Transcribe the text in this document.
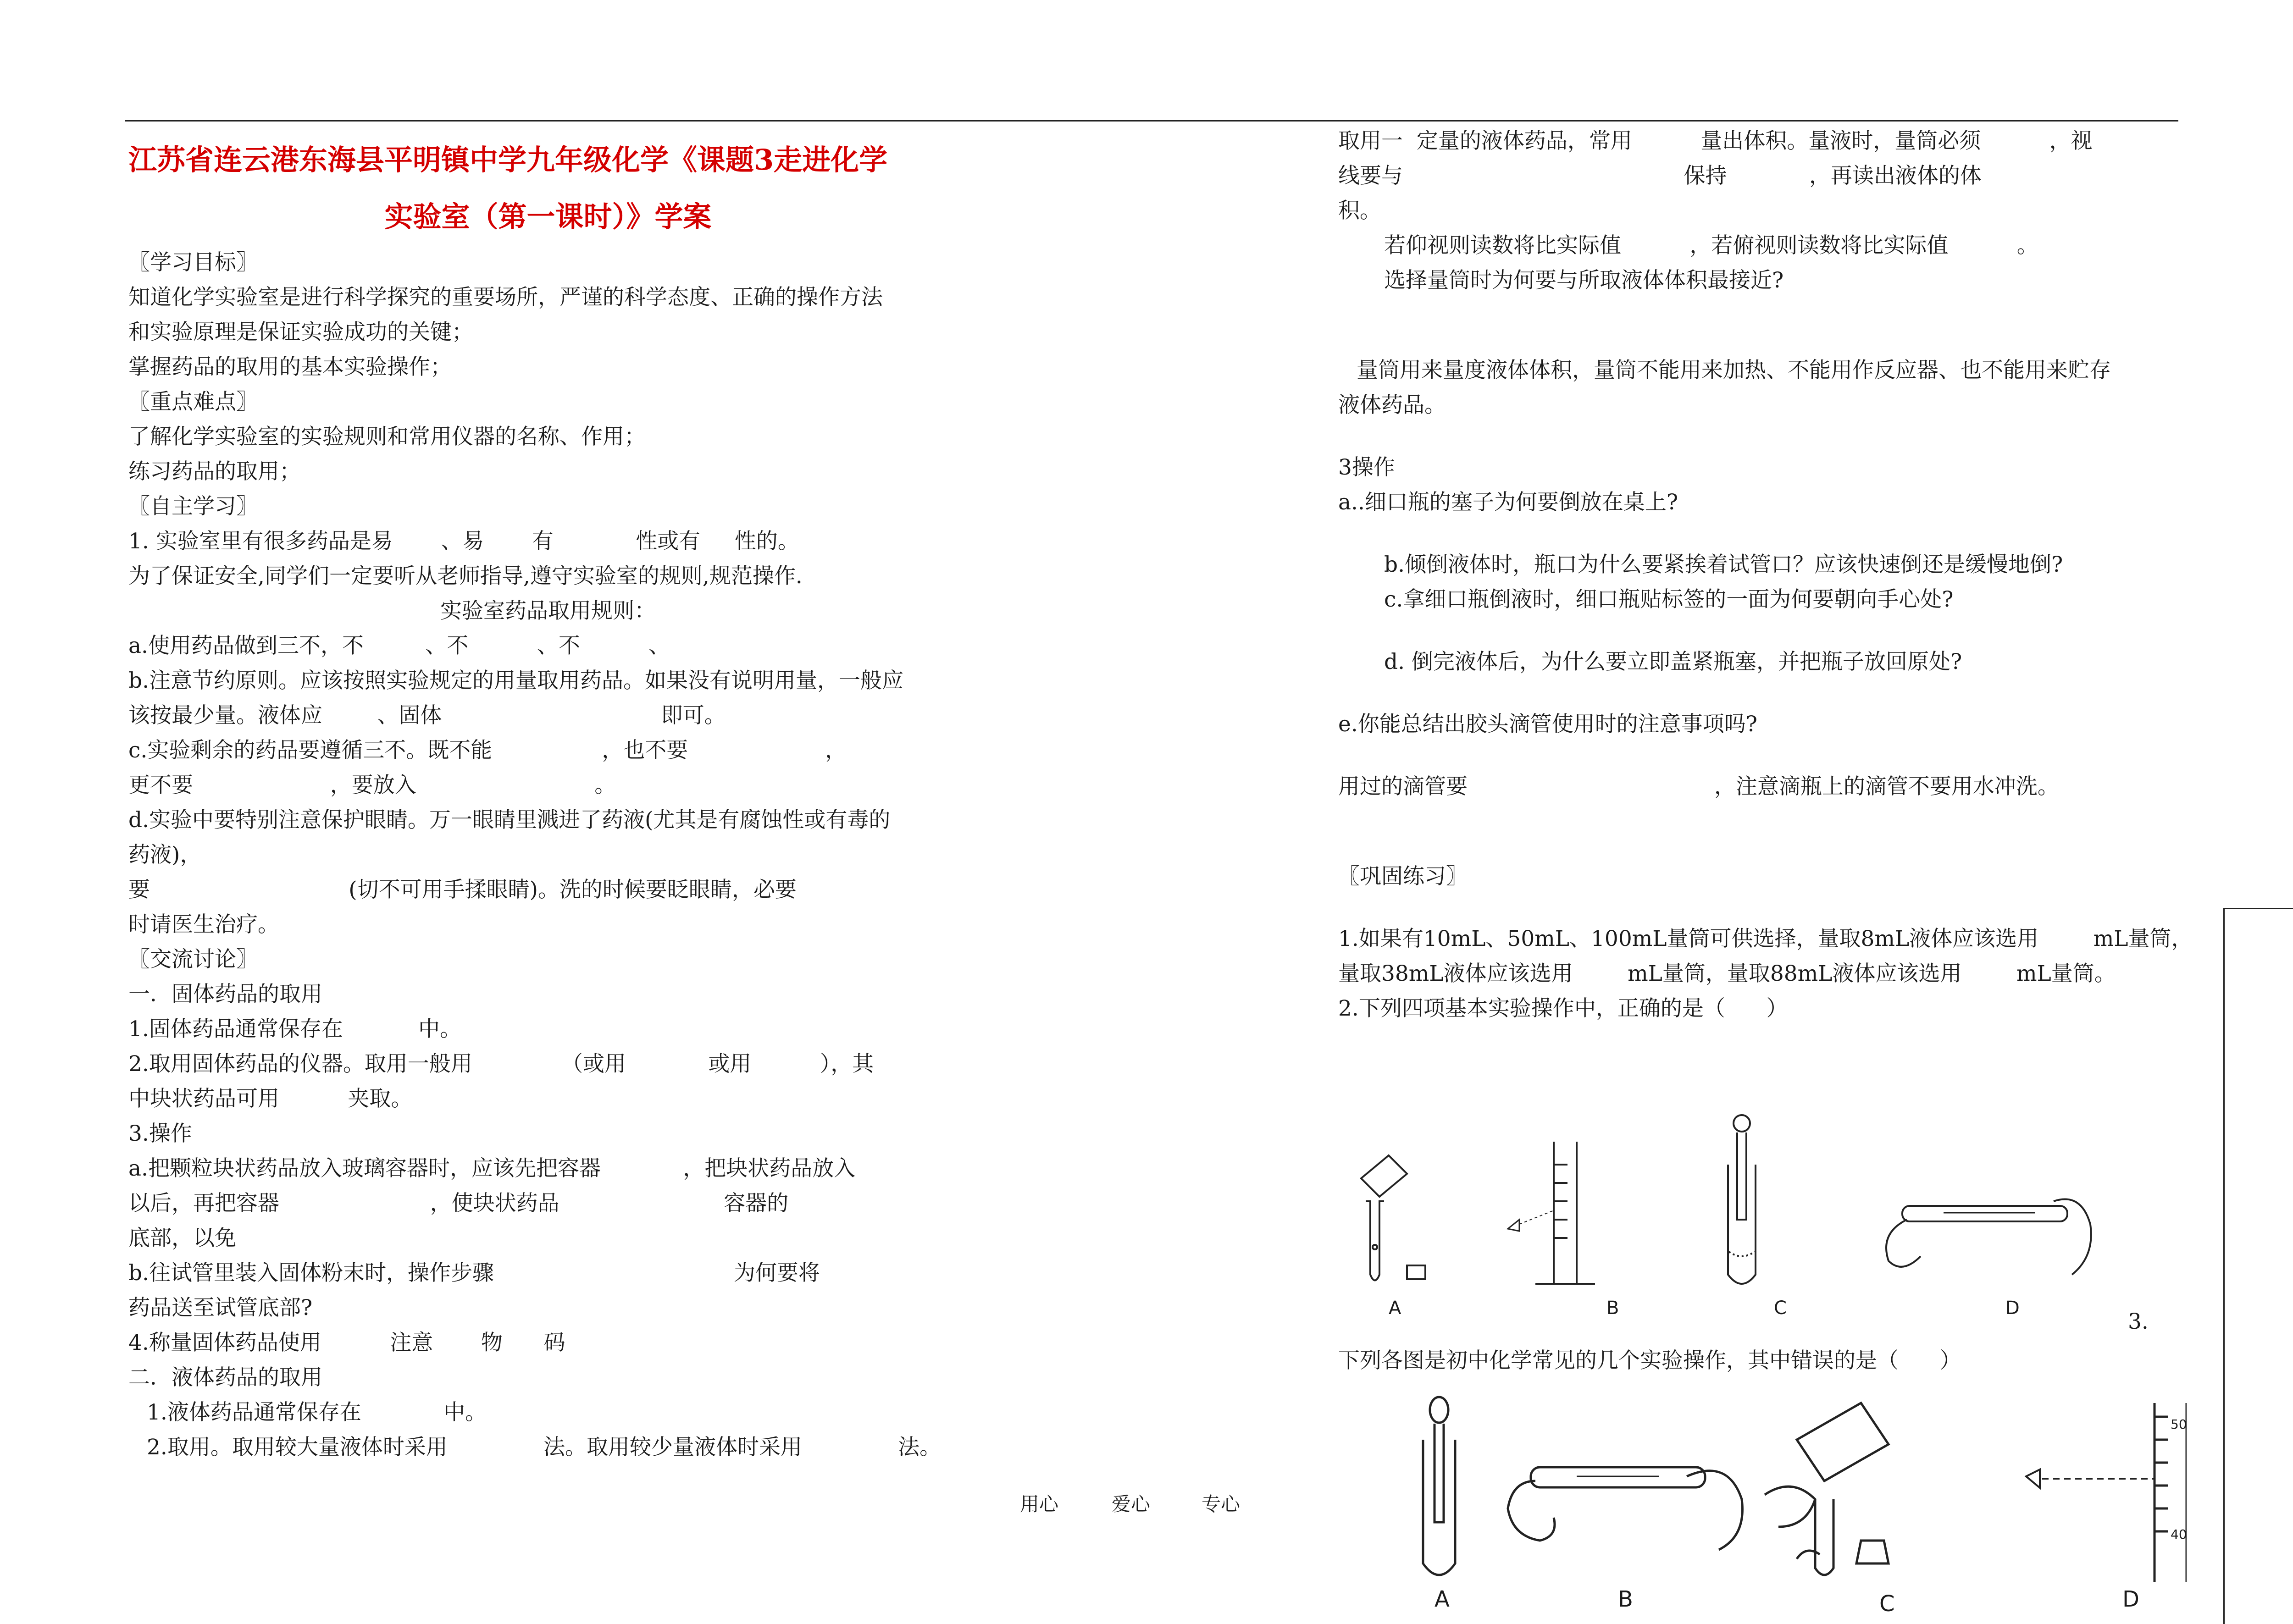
江苏省连云港东海县平明镇中学九年级化学《课题3走进化学

实验室（第一课时）》学案

〖学习目标〗

知道化学实验室是进行科学探究的重要场所，严谨的科学态度、正确的操作方法

和实验原理是保证实验成功的关键；

掌握药品的取用的基本实验操作；

〖重点难点〗

了解化学实验室的实验规则和常用仪器的名称、作用；

练习药品的取用；

〖自主学习〗

1. 实验室里有很多药品是易       、易       有            性或有     性的。

为了保证安全,同学们一定要听从老师指导,遵守实验室的规则,规范操作.

实验室药品取用规则：

a.使用药品做到三不，不         、不          、不          、

b.注意节约原则。应该按照实验规定的用量取用药品。如果没有说明用量，一般应

该按最少量。液体应        、固体                                即可。

c.实验剩余的药品要遵循三不。既不能                ，也不要                    ，

更不要                    ，要放入                          。

d.实验中要特别注意保护眼睛。万一眼睛里溅进了药液(尤其是有腐蚀性或有毒的

药液)，

要                             (切不可用手揉眼睛)。洗的时候要眨眼睛，必要

时请医生治疗。

〖交流讨论〗

一．固体药品的取用

1.固体药品通常保存在           中。

2.取用固体药品的仪器。取用一般用             （或用            或用          ），其

中块状药品可用          夹取。

3.操作

a.把颗粒块状药品放入玻璃容器时，应该先把容器            ，把块状药品放入

以后，再把容器                      ，使块状药品                        容器的

底部，以免

b.往试管里装入固体粉末时，操作步骤                                   为何要将

药品送至试管底部?

4.称量固体药品使用          注意       物      码

二．液体药品的取用

1.液体药品通常保存在            中。

2.取用。取用较大量液体时采用              法。取用较少量液体时采用              法。

取用一  定量的液体药品，常用          量出体积。量液时，量筒必须          ，视

线要与                                         保持            ，再读出液体的体

积。

若仰视则读数将比实际值          ，若俯视则读数将比实际值          。

选择量筒时为何要与所取液体体积最接近?

量筒用来量度液体体积，量筒不能用来加热、不能用作反应器、也不能用来贮存

液体药品。

3操作

a..细口瓶的塞子为何要倒放在桌上?

b.倾倒液体时，瓶口为什么要紧挨着试管口？应该快速倒还是缓慢地倒?

c.拿细口瓶倒液时，细口瓶贴标签的一面为何要朝向手心处?

d. 倒完液体后，为什么要立即盖紧瓶塞，并把瓶子放回原处?

e.你能总结出胶头滴管使用时的注意事项吗?

用过的滴管要                                    ，注意滴瓶上的滴管不要用水冲洗。

〖巩固练习〗

1.如果有10mL、50mL、100mL量筒可供选择，量取8mL液体应该选用        mL量筒，

量取38mL液体应该选用        mL量筒，量取88mL液体应该选用        mL量筒。

2.下列四项基本实验操作中，正确的是（      ）

3.
下列各图是初中化学常见的几个实验操作，其中错误的是（      ）
A	B	C	D
50
40
A	B	C	D
用心	爱心	专心
